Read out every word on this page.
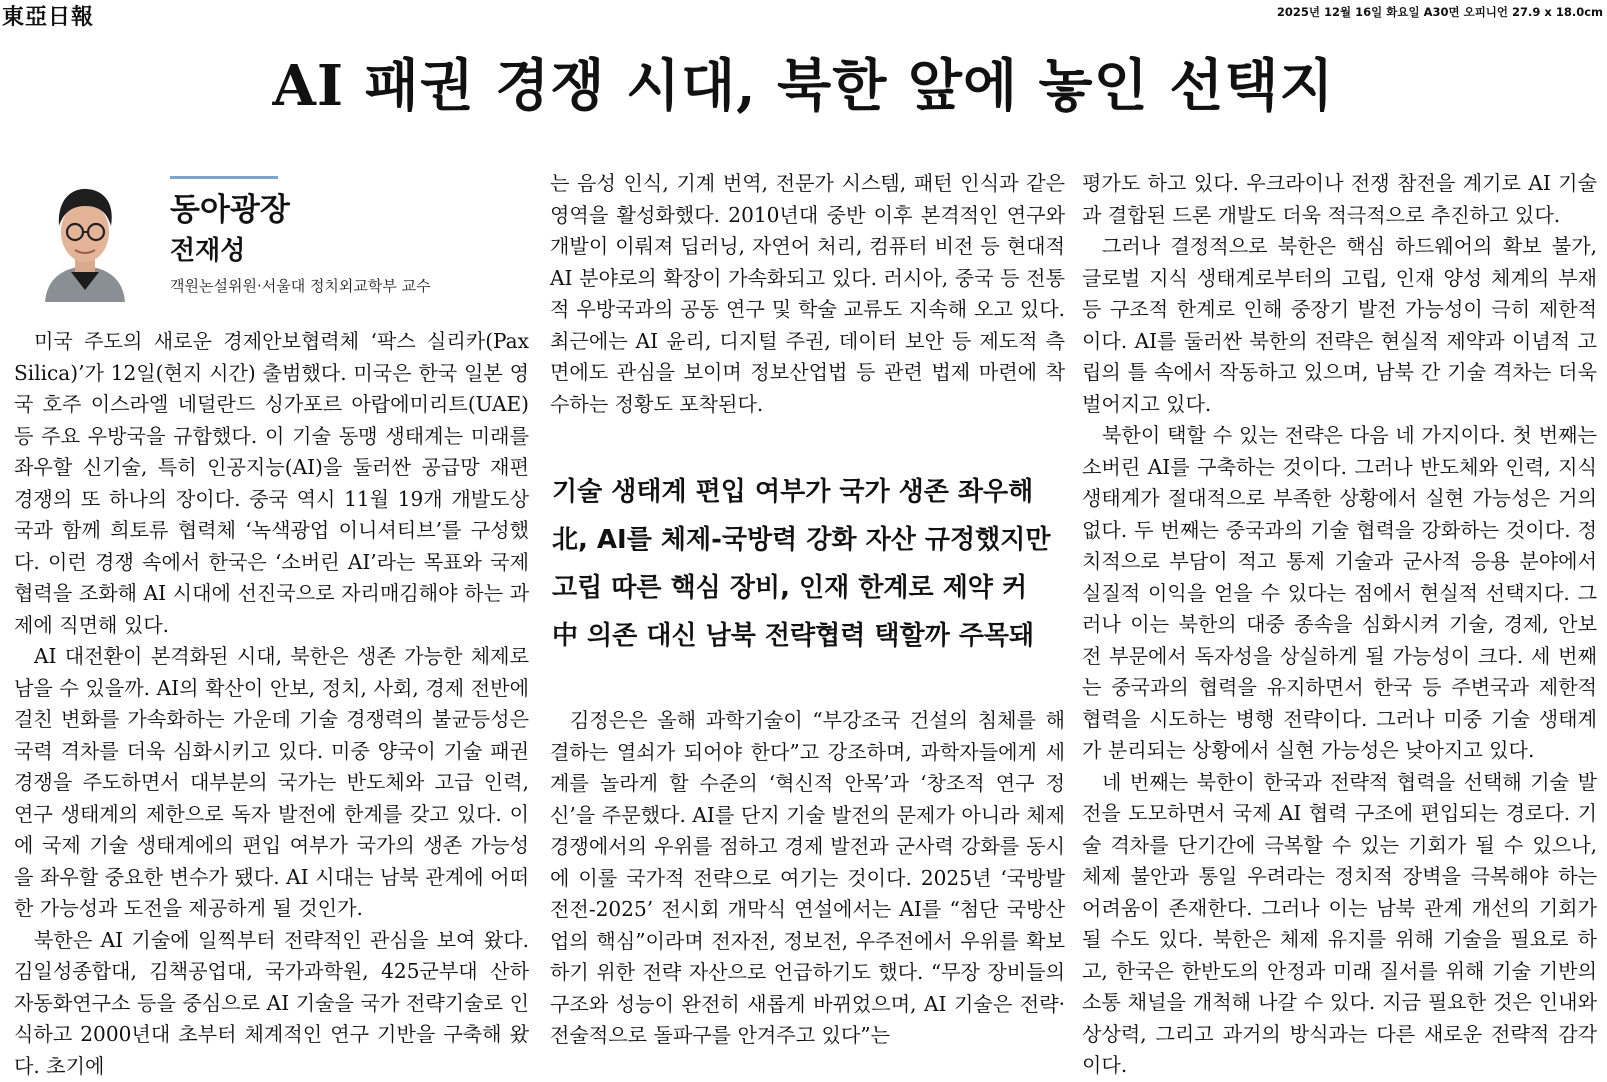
東亞日報	2025년 12월 16일 화요일 A30면 오피니언 27.9 x 18.0cm
AI 패권 경쟁 시대, 북한 앞에 놓인 선택지
동아광장
전재성
객원논설위원·서울대 정치외교학부 교수

미국 주도의 새로운 경제안보협력체 ‘팍스 실리카(Pax Silica)’가 12일(현지 시간) 출범했다. 미국은 한국 일본 영국 호주 이스라엘 네덜란드 싱가포르 아랍에미리트(UAE) 등 주요 우방국을 규합했다. 이 기술 동맹 생태계는 미래를 좌우할 신기술, 특히 인공지능(AI)을 둘러싼 공급망 재편 경쟁의 또 하나의 장이다. 중국 역시 11월 19개 개발도상국과 함께 희토류 협력체 ‘녹색광업 이니셔티브’를 구성했다. 이런 경쟁 속에서 한국은 ‘소버린 AI’라는 목표와 국제 협력을 조화해 AI 시대에 선진국으로 자리매김해야 하는 과제에 직면해 있다.

AI 대전환이 본격화된 시대, 북한은 생존 가능한 체제로 남을 수 있을까. AI의 확산이 안보, 정치, 사회, 경제 전반에 걸친 변화를 가속화하는 가운데 기술 경쟁력의 불균등성은 국력 격차를 더욱 심화시키고 있다. 미중 양국이 기술 패권 경쟁을 주도하면서 대부분의 국가는 반도체와 고급 인력, 연구 생태계의 제한으로 독자 발전에 한계를 갖고 있다. 이에 국제 기술 생태계에의 편입 여부가 국가의 생존 가능성을 좌우할 중요한 변수가 됐다. AI 시대는 남북 관계에 어떠한 가능성과 도전을 제공하게 될 것인가.

북한은 AI 기술에 일찍부터 전략적인 관심을 보여 왔다. 김일성종합대, 김책공업대, 국가과학원, 425군부대 산하 자동화연구소 등을 중심으로 AI 기술을 국가 전략기술로 인식하고 2000년대 초부터 체계적인 연구 기반을 구축해 왔다. 초기에

는 음성 인식, 기계 번역, 전문가 시스템, 패턴 인식과 같은 영역을 활성화했다. 2010년대 중반 이후 본격적인 연구와 개발이 이뤄져 딥러닝, 자연어 처리, 컴퓨터 비전 등 현대적 AI 분야로의 확장이 가속화되고 있다. 러시아, 중국 등 전통적 우방국과의 공동 연구 및 학술 교류도 지속해 오고 있다. 최근에는 AI 윤리, 디지털 주권, 데이터 보안 등 제도적 측면에도 관심을 보이며 정보산업법 등 관련 법제 마련에 착수하는 정황도 포착된다.

기술 생태계 편입 여부가 국가 생존 좌우해
北, AI를 체제-국방력 강화 자산 규정했지만
고립 따른 핵심 장비, 인재 한계로 제약 커
中 의존 대신 남북 전략협력 택할까 주목돼

김정은은 올해 과학기술이 “부강조국 건설의 침체를 해결하는 열쇠가 되어야 한다”고 강조하며, 과학자들에게 세계를 놀라게 할 수준의 ‘혁신적 안목’과 ‘창조적 연구 정신’을 주문했다. AI를 단지 기술 발전의 문제가 아니라 체제 경쟁에서의 우위를 점하고 경제 발전과 군사력 강화를 동시에 이룰 국가적 전략으로 여기는 것이다. 2025년 ‘국방발전전-2025’ 전시회 개막식 연설에서는 AI를 “첨단 국방산업의 핵심”이라며 전자전, 정보전, 우주전에서 우위를 확보하기 위한 전략 자산으로 언급하기도 했다. “무장 장비들의 구조와 성능이 완전히 새롭게 바뀌었으며, AI 기술은 전략·전술적으로 돌파구를 안겨주고 있다”는

평가도 하고 있다. 우크라이나 전쟁 참전을 계기로 AI 기술과 결합된 드론 개발도 더욱 적극적으로 추진하고 있다.

그러나 결정적으로 북한은 핵심 하드웨어의 확보 불가, 글로벌 지식 생태계로부터의 고립, 인재 양성 체계의 부재 등 구조적 한계로 인해 중장기 발전 가능성이 극히 제한적이다. AI를 둘러싼 북한의 전략은 현실적 제약과 이념적 고립의 틀 속에서 작동하고 있으며, 남북 간 기술 격차는 더욱 벌어지고 있다.

북한이 택할 수 있는 전략은 다음 네 가지이다. 첫 번째는 소버린 AI를 구축하는 것이다. 그러나 반도체와 인력, 지식 생태계가 절대적으로 부족한 상황에서 실현 가능성은 거의 없다. 두 번째는 중국과의 기술 협력을 강화하는 것이다. 정치적으로 부담이 적고 통제 기술과 군사적 응용 분야에서 실질적 이익을 얻을 수 있다는 점에서 현실적 선택지다. 그러나 이는 북한의 대중 종속을 심화시켜 기술, 경제, 안보 전 부문에서 독자성을 상실하게 될 가능성이 크다. 세 번째는 중국과의 협력을 유지하면서 한국 등 주변국과 제한적 협력을 시도하는 병행 전략이다. 그러나 미중 기술 생태계가 분리되는 상황에서 실현 가능성은 낮아지고 있다.

네 번째는 북한이 한국과 전략적 협력을 선택해 기술 발전을 도모하면서 국제 AI 협력 구조에 편입되는 경로다. 기술 격차를 단기간에 극복할 수 있는 기회가 될 수 있으나, 체제 불안과 통일 우려라는 정치적 장벽을 극복해야 하는 어려움이 존재한다. 그러나 이는 남북 관계 개선의 기회가 될 수도 있다. 북한은 체제 유지를 위해 기술을 필요로 하고, 한국은 한반도의 안정과 미래 질서를 위해 기술 기반의 소통 채널을 개척해 나갈 수 있다. 지금 필요한 것은 인내와 상상력, 그리고 과거의 방식과는 다른 새로운 전략적 감각이다.
